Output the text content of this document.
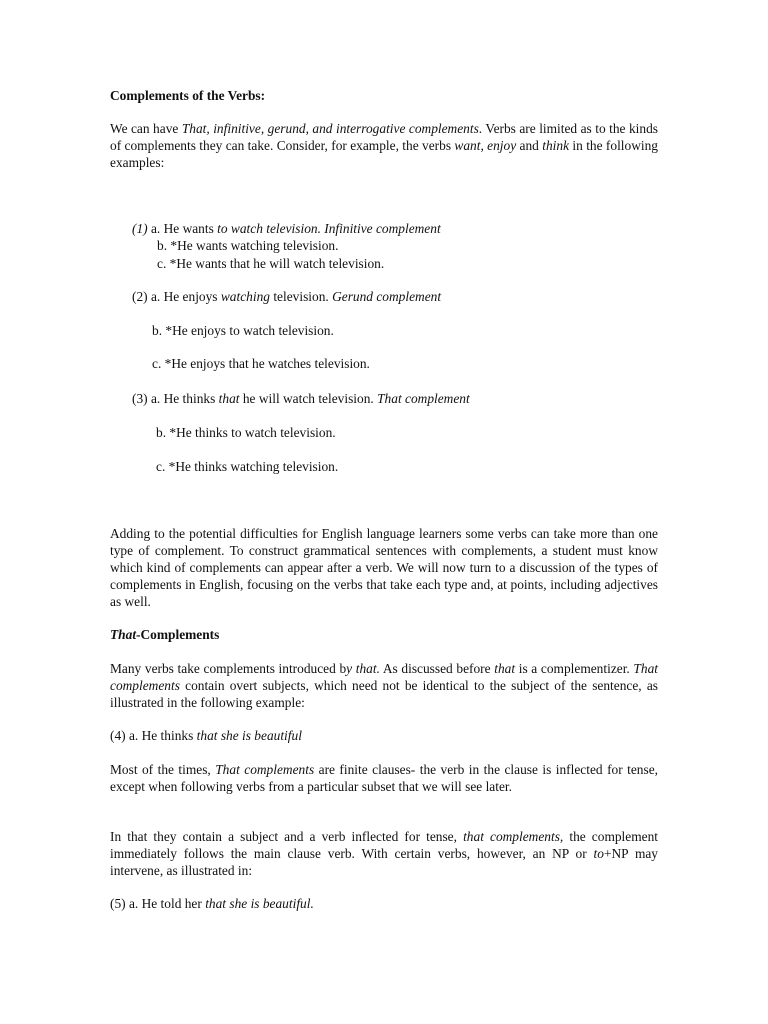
Complements of the Verbs:

We can have That, infinitive, gerund, and interrogative complements. Verbs are limited as to the kinds of complements they can take. Consider, for example, the verbs want, enjoy and think in the following examples:

(1) a. He wants to watch television. Infinitive complement
b. *He wants watching television.
c. *He wants that he will watch television.
(2) a. He enjoys watching television. Gerund complement
b. *He enjoys to watch television.
c. *He enjoys that he watches television.
(3) a. He thinks that he will watch television. That complement
b. *He thinks to watch television.
c. *He thinks watching television.

Adding to the potential difficulties for English language learners some verbs can take more than one type of complement. To construct grammatical sentences with complements, a student must know which kind of complements can appear after a verb. We will now turn to a discussion of the types of complements in English, focusing on the verbs that take each type and, at points, including adjectives as well.

That-Complements

Many verbs take complements introduced by that. As discussed before that is a complementizer. That complements contain overt subjects, which need not be identical to the subject of the sentence, as illustrated in the following example:

(4) a. He thinks that she is beautiful

Most of the times, That complements are finite clauses- the verb in the clause is inflected for tense, except when following verbs from a particular subset that we will see later.

In that they contain a subject and a verb inflected for tense, that complements, the complement immediately follows the main clause verb. With certain verbs, however, an NP or to+NP may intervene, as illustrated in:

(5) a. He told her that she is beautiful.
